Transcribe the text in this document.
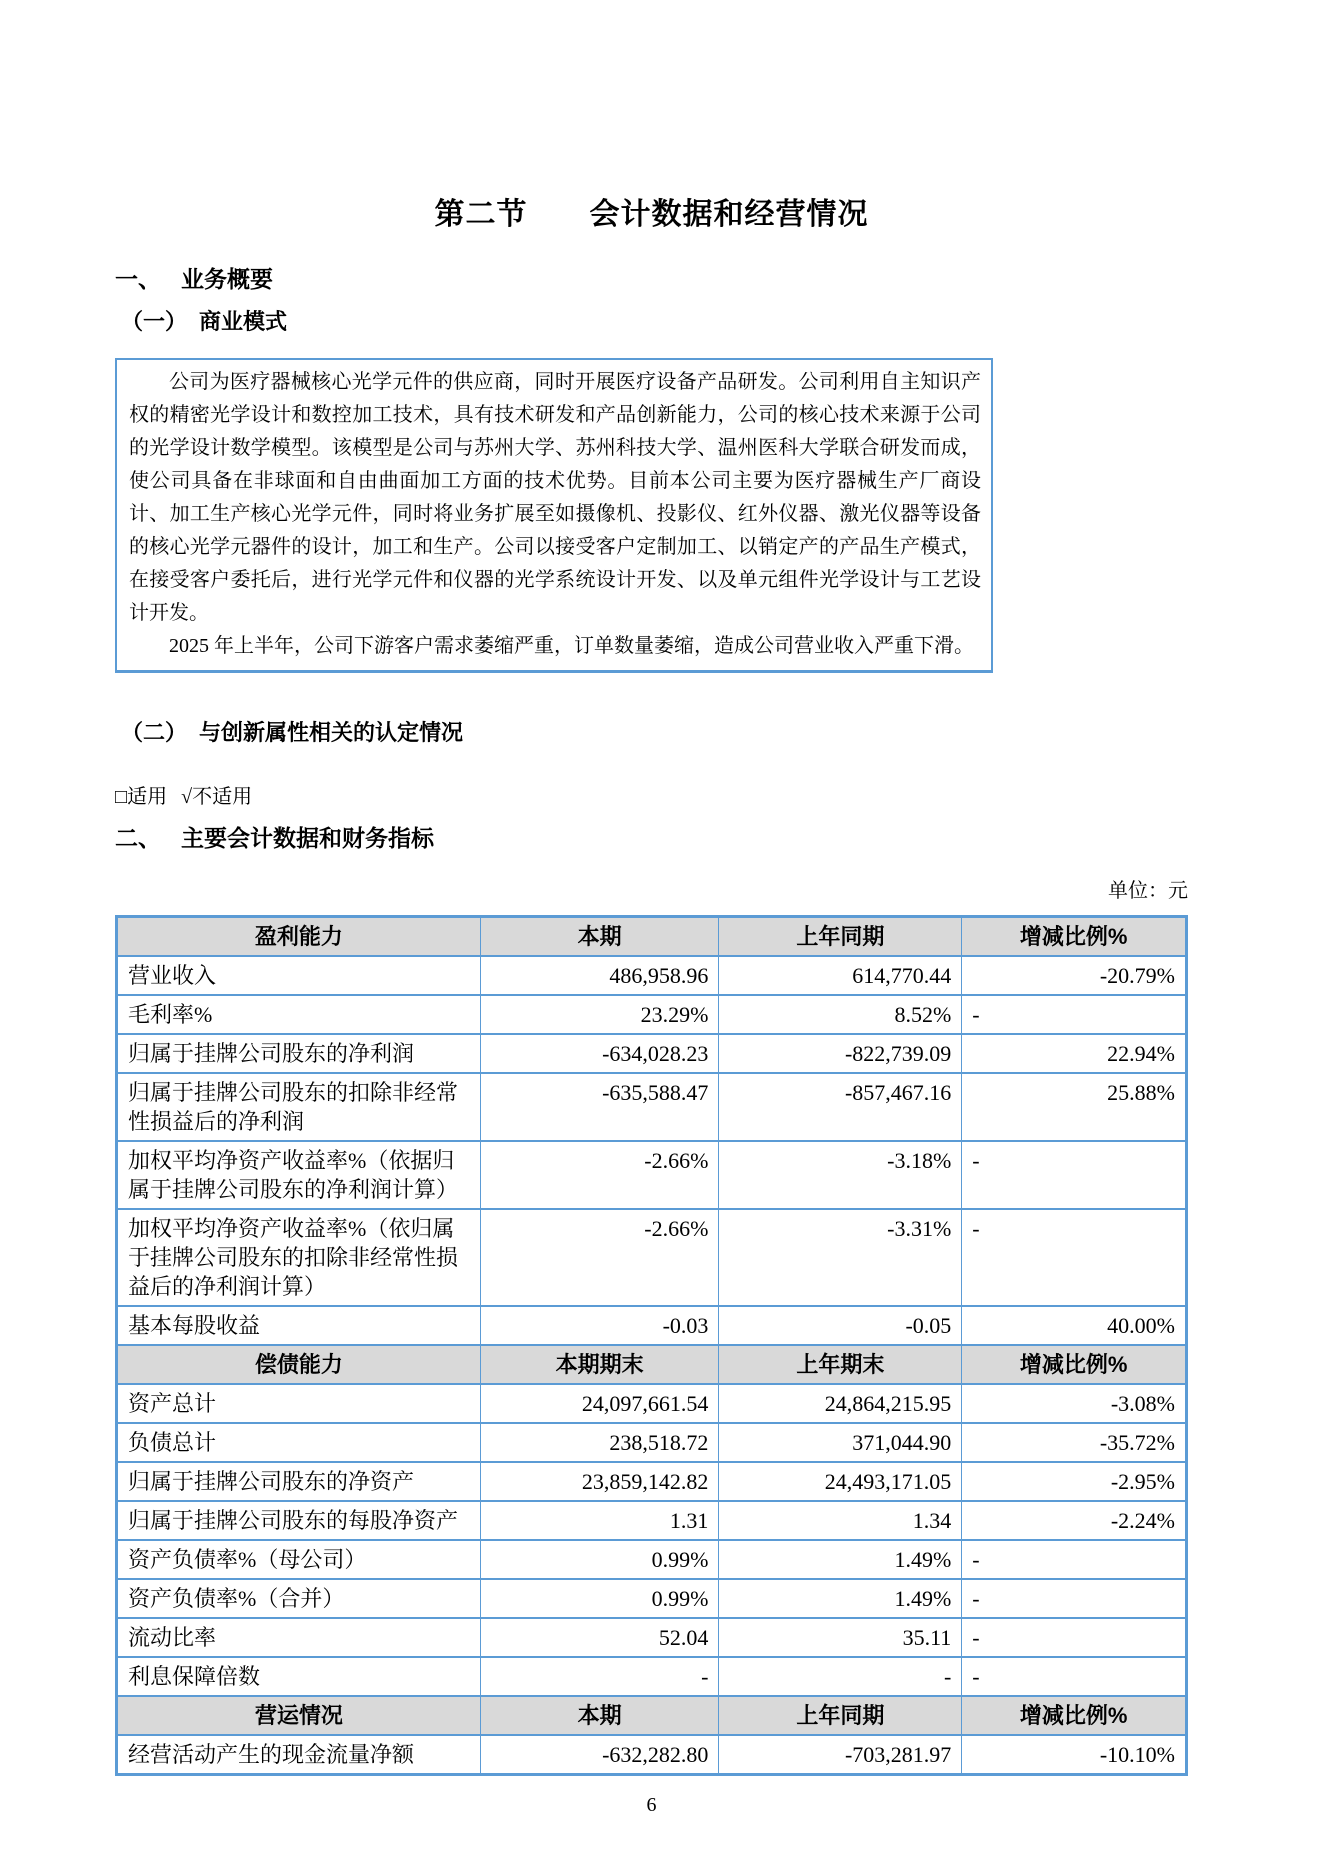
第二节　　会计数据和经营情况
一、 业务概要
（一） 商业模式

公司为医疗器械核心光学元件的供应商，同时开展医疗设备产品研发。公司利用自主知识产权的精密光学设计和数控加工技术，具有技术研发和产品创新能力，公司的核心技术来源于公司的光学设计数学模型。该模型是公司与苏州大学、苏州科技大学、温州医科大学联合研发而成，使公司具备在非球面和自由曲面加工方面的技术优势。目前本公司主要为医疗器械生产厂商设计、加工生产核心光学元件，同时将业务扩展至如摄像机、投影仪、红外仪器、激光仪器等设备的核心光学元器件的设计，加工和生产。公司以接受客户定制加工、以销定产的产品生产模式，在接受客户委托后，进行光学元件和仪器的光学系统设计开发、以及单元组件光学设计与工艺设计开发。

2025 年上半年，公司下游客户需求萎缩严重，订单数量萎缩，造成公司营业收入严重下滑。

（二） 与创新属性相关的认定情况
□适用 √不适用
二、 主要会计数据和财务指标
单位：元
盈利能力	本期	上年同期	增减比例%
营业收入	486,958.96	614,770.44	-20.79%
毛利率%	23.29%	8.52%	-
归属于挂牌公司股东的净利润	-634,028.23	-822,739.09	22.94%
归属于挂牌公司股东的扣除非经常性损益后的净利润	-635,588.47	-857,467.16	25.88%
加权平均净资产收益率%（依据归属于挂牌公司股东的净利润计算）	-2.66%	-3.18%	-
加权平均净资产收益率%（依归属于挂牌公司股东的扣除非经常性损益后的净利润计算）	-2.66%	-3.31%	-
基本每股收益	-0.03	-0.05	40.00%
偿债能力	本期期末	上年期末	增减比例%
资产总计	24,097,661.54	24,864,215.95	-3.08%
负债总计	238,518.72	371,044.90	-35.72%
归属于挂牌公司股东的净资产	23,859,142.82	24,493,171.05	-2.95%
归属于挂牌公司股东的每股净资产	1.31	1.34	-2.24%
资产负债率%（母公司）	0.99%	1.49%	-
资产负债率%（合并）	0.99%	1.49%	-
流动比率	52.04	35.11	-
利息保障倍数	-	-	-
营运情况	本期	上年同期	增减比例%
经营活动产生的现金流量净额	-632,282.80	-703,281.97	-10.10%
6
